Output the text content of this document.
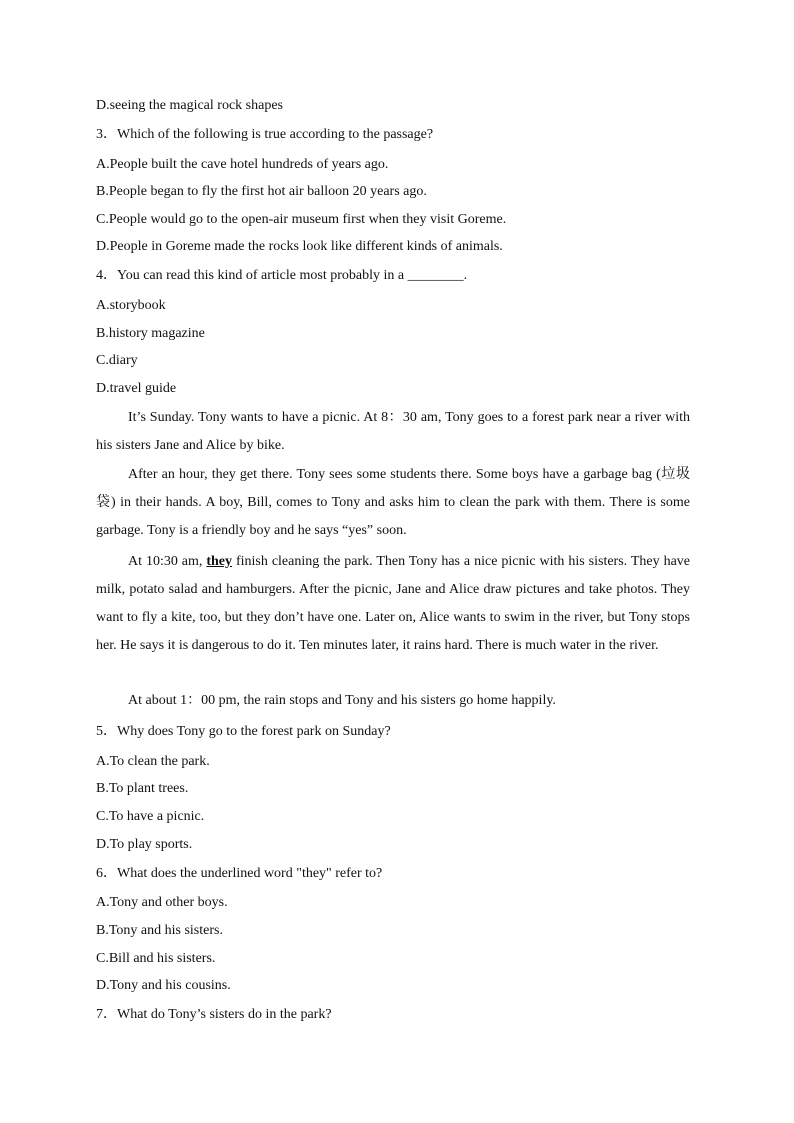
D.seeing the magical rock shapes
3．Which of the following is true according to the passage?
A.People built the cave hotel hundreds of years ago.
B.People began to fly the first hot air balloon 20 years ago.
C.People would go to the open-air museum first when they visit Goreme.
D.People in Goreme made the rocks look like different kinds of animals.
4．You can read this kind of article most probably in a ________.
A.storybook
B.history magazine
C.diary
D.travel guide
It’s Sunday. Tony wants to have a picnic. At 8：30 am, Tony goes to a forest park near a river with his sisters Jane and Alice by bike.
After an hour, they get there. Tony sees some students there. Some boys have a garbage bag (垃圾袋) in their hands. A boy, Bill, comes to Tony and asks him to clean the park with them. There is some garbage. Tony is a friendly boy and he says “yes” soon.
At 10:30 am, they finish cleaning the park. Then Tony has a nice picnic with his sisters. They have milk, potato salad and hamburgers. After the picnic, Jane and Alice draw pictures and take photos. They want to fly a kite, too, but they don’t have one. Later on, Alice wants to swim in the river, but Tony stops her. He says it is dangerous to do it. Ten minutes later, it rains hard. There is much water in the river.
At about 1：00 pm, the rain stops and Tony and his sisters go home happily.
5．Why does Tony go to the forest park on Sunday?
A.To clean the park.
B.To plant trees.
C.To have a picnic.
D.To play sports.
6．What does the underlined word "they" refer to?
A.Tony and other boys.
B.Tony and his sisters.
C.Bill and his sisters.
D.Tony and his cousins.
7．What do Tony’s sisters do in the park?
